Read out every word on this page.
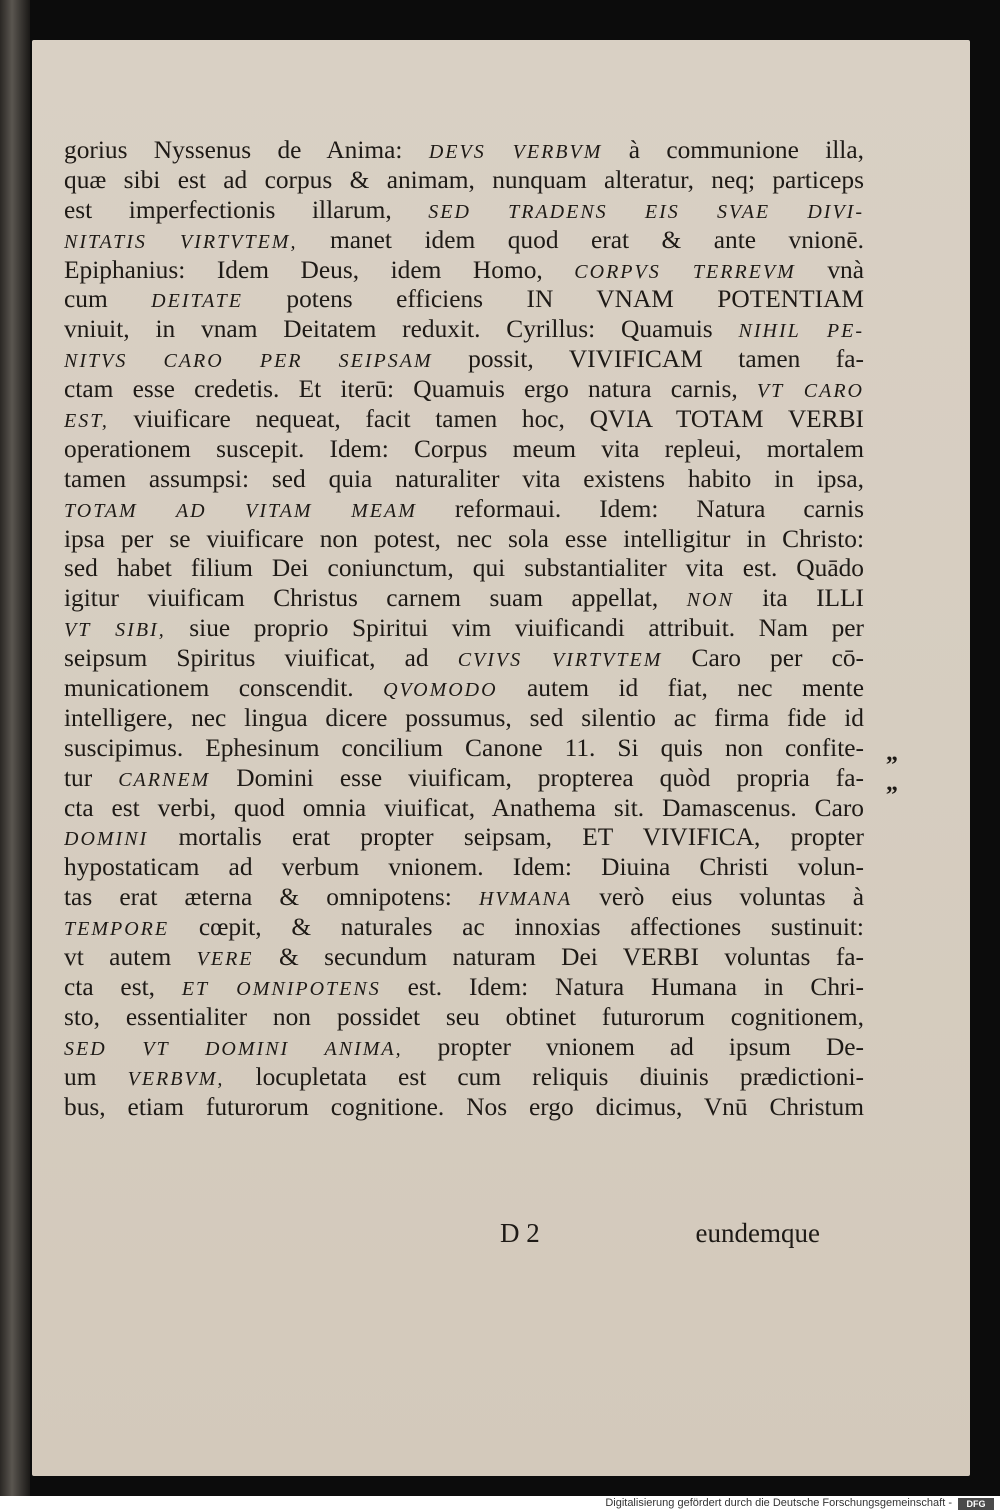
gorius Nyssenus de Anima: DEVS VERBVM à communione illa,
quæ sibi est ad corpus & animam, nunquam alteratur, neq; particeps
est imperfectionis illarum, SED TRADENS EIS SVAE DIVI-
NITATIS VIRTVTEM, manet idem quod erat & ante vnionē.
Epiphanius: Idem Deus, idem Homo, CORPVS TERREVM vnà
cum DEITATE potens efficiens IN VNAM POTENTIAM
vniuit, in vnam Deitatem reduxit. Cyrillus: Quamuis NIHIL PE-
NITVS CARO PER SEIPSAM possit, VIVIFICAM tamen fa-
ctam esse credetis. Et iterū: Quamuis ergo natura carnis, VT CARO
EST, viuificare nequeat, facit tamen hoc, QVIA TOTAM VERBI
operationem suscepit. Idem: Corpus meum vita repleui, mortalem
tamen assumpsi: sed quia naturaliter vita existens habito in ipsa,
TOTAM AD VITAM MEAM reformaui. Idem: Natura carnis
ipsa per se viuificare non potest, nec sola esse intelligitur in Christo:
sed habet filium Dei coniunctum, qui substantialiter vita est. Quādo
igitur viuificam Christus carnem suam appellat, NON ita ILLI
VT SIBI, siue proprio Spiritui vim viuificandi attribuit. Nam per
seipsum Spiritus viuificat, ad CVIVS VIRTVTEM Caro per cō-
municationem conscendit. QVOMODO autem id fiat, nec mente
intelligere, nec lingua dicere possumus, sed silentio ac firma fide id
suscipimus. Ephesinum concilium Canone 11. Si quis non confite-
tur CARNEM Domini esse viuificam, propterea quòd propria fa-
cta est verbi, quod omnia viuificat, Anathema sit. Damascenus. Caro
DOMINI mortalis erat propter seipsam, ET VIVIFICA, propter
hypostaticam ad verbum vnionem. Idem: Diuina Christi volun-
tas erat æterna & omnipotens: HVMANA verò eius voluntas à
TEMPORE cœpit, & naturales ac innoxias affectiones sustinuit:
vt autem VERE & secundum naturam Dei VERBI voluntas fa-
cta est, ET OMNIPOTENS est. Idem: Natura Humana in Chri-
sto, essentialiter non possidet seu obtinet futurorum cognitionem,
SED VT DOMINI ANIMA, propter vnionem ad ipsum De-
um VERBVM, locupletata est cum reliquis diuinis prædictioni-
bus, etiam futurorum cognitione. Nos ergo dicimus, Vnū Christum
„
„
D 2	eundemque
Digitalisierung gefördert durch die Deutsche Forschungsgemeinschaft -	DFG
